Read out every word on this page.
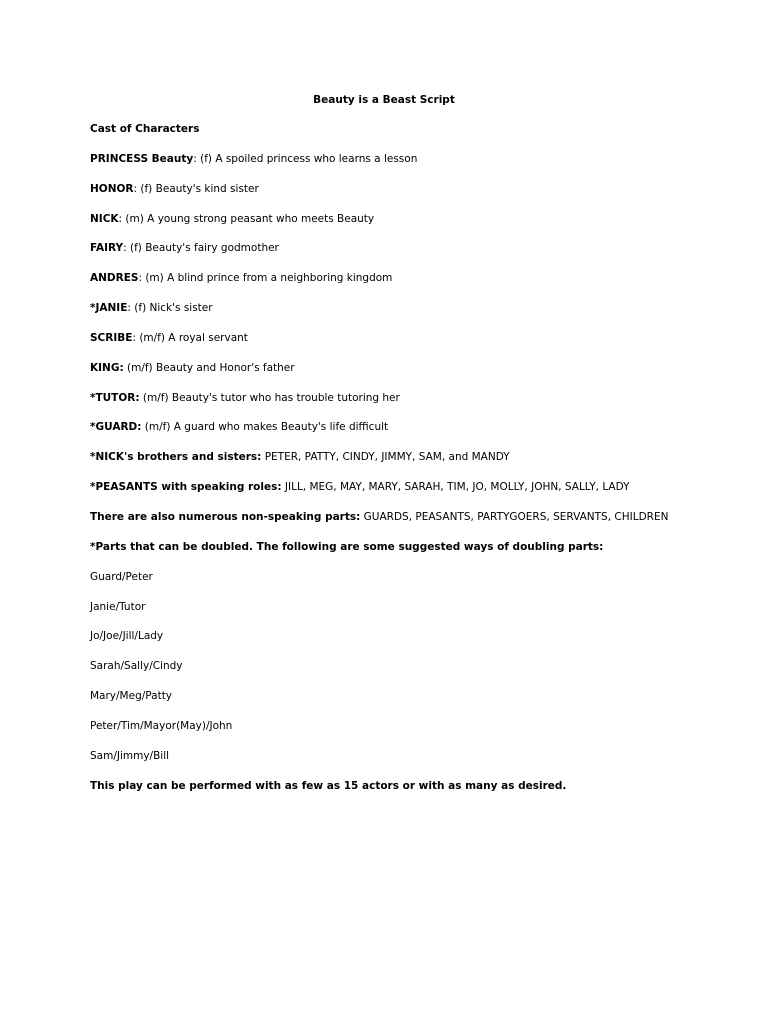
Beauty is a Beast Script
Cast of Characters
PRINCESS Beauty: (f) A spoiled princess who learns a lesson
HONOR: (f) Beauty's kind sister
NICK: (m) A young strong peasant who meets Beauty
FAIRY: (f) Beauty's fairy godmother
ANDRES: (m) A blind prince from a neighboring kingdom
*JANIE: (f) Nick's sister
SCRIBE: (m/f) A royal servant
KING: (m/f) Beauty and Honor's father
*TUTOR: (m/f) Beauty's tutor who has trouble tutoring her
*GUARD: (m/f) A guard who makes Beauty's life difficult
*NICK's brothers and sisters: PETER, PATTY, CINDY, JIMMY, SAM, and MANDY
*PEASANTS with speaking roles: JILL, MEG, MAY, MARY, SARAH, TIM, JO, MOLLY, JOHN, SALLY, LADY
There are also numerous non-speaking parts: GUARDS, PEASANTS, PARTYGOERS, SERVANTS, CHILDREN
*Parts that can be doubled. The following are some suggested ways of doubling parts:
Guard/Peter
Janie/Tutor
Jo/Joe/Jill/Lady
Sarah/Sally/Cindy
Mary/Meg/Patty
Peter/Tim/Mayor(May)/John
Sam/Jimmy/Bill
This play can be performed with as few as 15 actors or with as many as desired.
